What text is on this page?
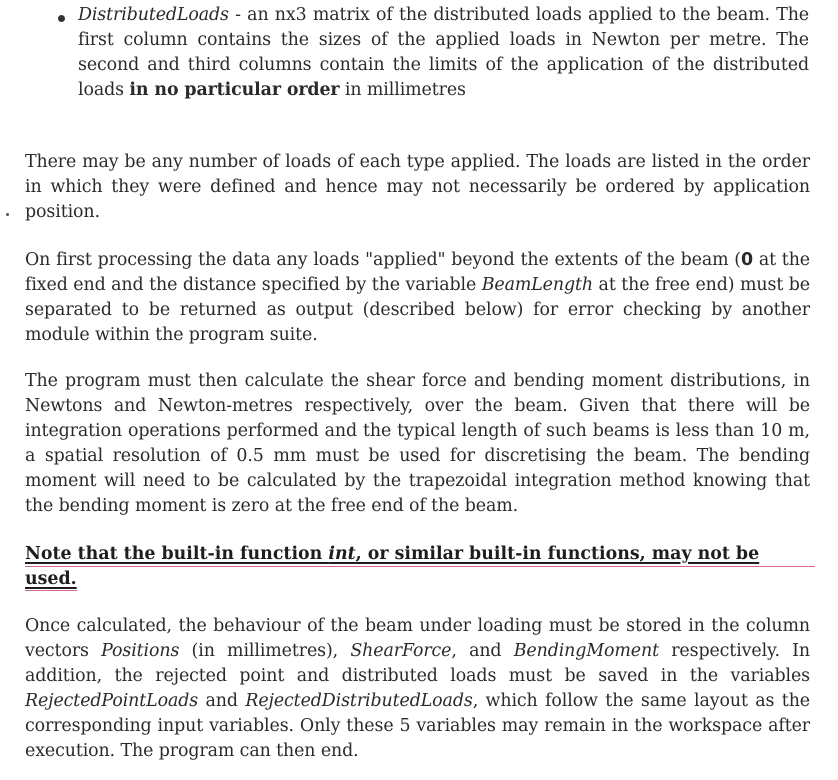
DistributedLoads - an nx3 matrix of the distributed loads applied to the beam. The first column contains the sizes of the applied loads in Newton per metre. The second and third columns contain the limits of the application of the distributed loads in no particular order in millimetres
There may be any number of loads of each type applied. The loads are listed in the order in which they were defined and hence may not necessarily be ordered by application position.
On first processing the data any loads "applied" beyond the extents of the beam (0 at the fixed end and the distance specified by the variable BeamLength at the free end) must be separated to be returned as output (described below) for error checking by another module within the program suite.
The program must then calculate the shear force and bending moment distributions, in Newtons and Newton-metres respectively, over the beam. Given that there will be integration operations performed and the typical length of such beams is less than 10 m, a spatial resolution of 0.5 mm must be used for discretising the beam. The bending moment will need to be calculated by the trapezoidal integration method knowing that the bending moment is zero at the free end of the beam.
Note that the built-in function int, or similar built-in functions, may not be
used.
Once calculated, the behaviour of the beam under loading must be stored in the column vectors Positions (in millimetres), ShearForce, and BendingMoment respectively. In addition, the rejected point and distributed loads must be saved in the variables RejectedPointLoads and RejectedDistributedLoads, which follow the same layout as the corresponding input variables. Only these 5 variables may remain in the workspace after execution. The program can then end.
